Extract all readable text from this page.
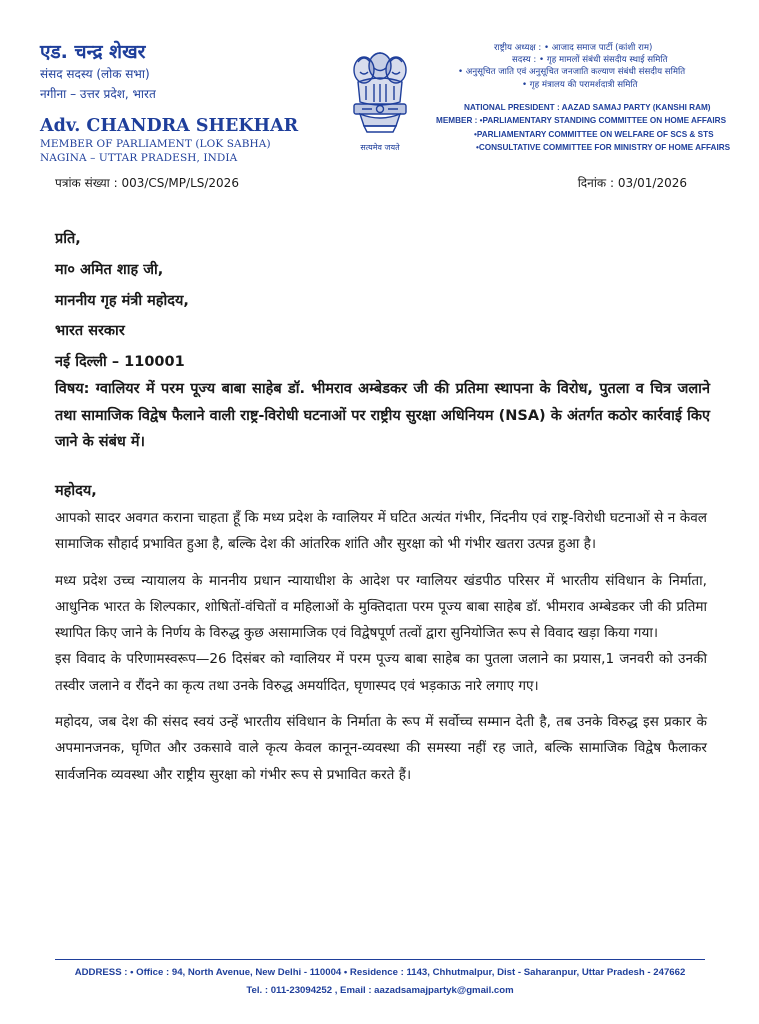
एड. चन्द्र शेखर
संसद सदस्य (लोक सभा)
नगीना – उत्तर प्रदेश, भारत
Adv. CHANDRA SHEKHAR
MEMBER OF PARLIAMENT (LOK SABHA)
NAGINA – UTTAR PRADESH, INDIA
सत्यमेव जयते
राष्ट्रीय अध्यक्ष : • आजाद समाज पार्टी (कांशी राम)
सदस्य : • गृह मामलों संबंधी संसदीय स्थाई समिति
• अनुसूचित जाति एवं अनुसूचित जनजाति कल्याण संबंधी संसदीय समिति
• गृह मंत्रालय की परामर्शदात्री समिति
NATIONAL PRESIDENT : AAZAD SAMAJ PARTY (KANSHI RAM)
MEMBER : •PARLIAMENTARY STANDING COMMITTEE ON HOME AFFAIRS
•PARLIAMENTARY COMMITTEE ON WELFARE OF SCS & STS
•CONSULTATIVE COMMITTEE FOR MINISTRY OF HOME AFFAIRS
पत्रांक संख्या : 003/CS/MP/LS/2026	दिनांक : 03/01/2026
प्रति,
मा० अमित शाह जी,
माननीय गृह मंत्री महोदय,
भारत सरकार
नई दिल्ली – 110001
विषय: ग्वालियर में परम पूज्य बाबा साहेब डॉ. भीमराव अम्बेडकर जी की प्रतिमा स्थापना के विरोध, पुतला व चित्र जलाने तथा सामाजिक विद्वेष फैलाने वाली राष्ट्र-विरोधी घटनाओं पर राष्ट्रीय सुरक्षा अधिनियम (NSA) के अंतर्गत कठोर कार्रवाई किए जाने के संबंध में।
महोदय,

आपको सादर अवगत कराना चाहता हूँ कि मध्य प्रदेश के ग्वालियर में घटित अत्यंत गंभीर, निंदनीय एवं राष्ट्र-विरोधी घटनाओं से न केवल सामाजिक सौहार्द प्रभावित हुआ है, बल्कि देश की आंतरिक शांति और सुरक्षा को भी गंभीर खतरा उत्पन्न हुआ है।

मध्य प्रदेश उच्च न्यायालय के माननीय प्रधान न्यायाधीश के आदेश पर ग्वालियर खंडपीठ परिसर में भारतीय संविधान के निर्माता, आधुनिक भारत के शिल्पकार, शोषितों-वंचितों व महिलाओं के मुक्तिदाता परम पूज्य बाबा साहेब डॉ. भीमराव अम्बेडकर जी की प्रतिमा स्थापित किए जाने के निर्णय के विरुद्ध कुछ असामाजिक एवं विद्वेषपूर्ण तत्वों द्वारा सुनियोजित रूप से विवाद खड़ा किया गया।

इस विवाद के परिणामस्वरूप—26 दिसंबर को ग्वालियर में परम पूज्य बाबा साहेब का पुतला जलाने का प्रयास,1 जनवरी को उनकी तस्वीर जलाने व रौंदने का कृत्य तथा उनके विरुद्ध अमर्यादित, घृणास्पद एवं भड़काऊ नारे लगाए गए।

महोदय, जब देश की संसद स्वयं उन्हें भारतीय संविधान के निर्माता के रूप में सर्वोच्च सम्मान देती है, तब उनके विरुद्ध इस प्रकार के अपमानजनक, घृणित और उकसावे वाले कृत्य केवल कानून-व्यवस्था की समस्या नहीं रह जाते, बल्कि सामाजिक विद्वेष फैलाकर सार्वजनिक व्यवस्था और राष्ट्रीय सुरक्षा को गंभीर रूप से प्रभावित करते हैं।

ADDRESS : • Office : 94, North Avenue, New Delhi - 110004 • Residence : 1143, Chhutmalpur, Dist - Saharanpur, Uttar Pradesh - 247662
Tel. : 011-23094252 , Email : aazadsamajpartyk@gmail.com
